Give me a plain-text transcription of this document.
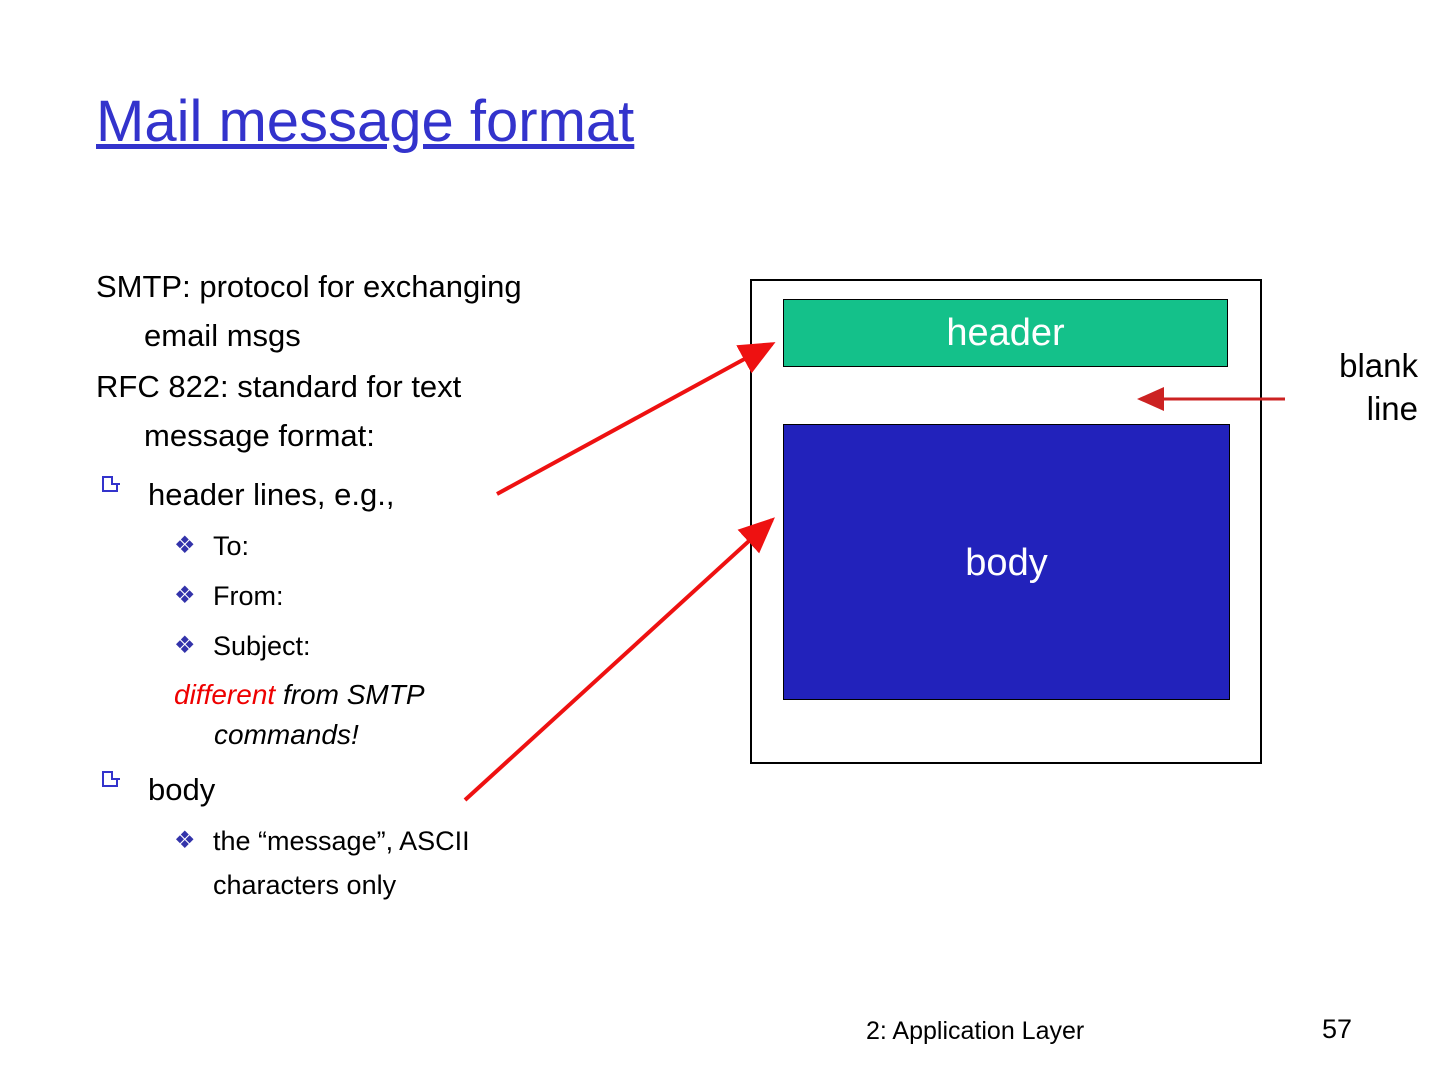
Mail message format
SMTP: protocol for exchanging
email msgs
RFC 822: standard for text
message format:
header lines, e.g.,
❖ To:
❖ From:
❖ Subject:
different from SMTP
commands!
body
❖ the “message”, ASCII
characters only
header
body
blank
line
2: Application Layer	57
